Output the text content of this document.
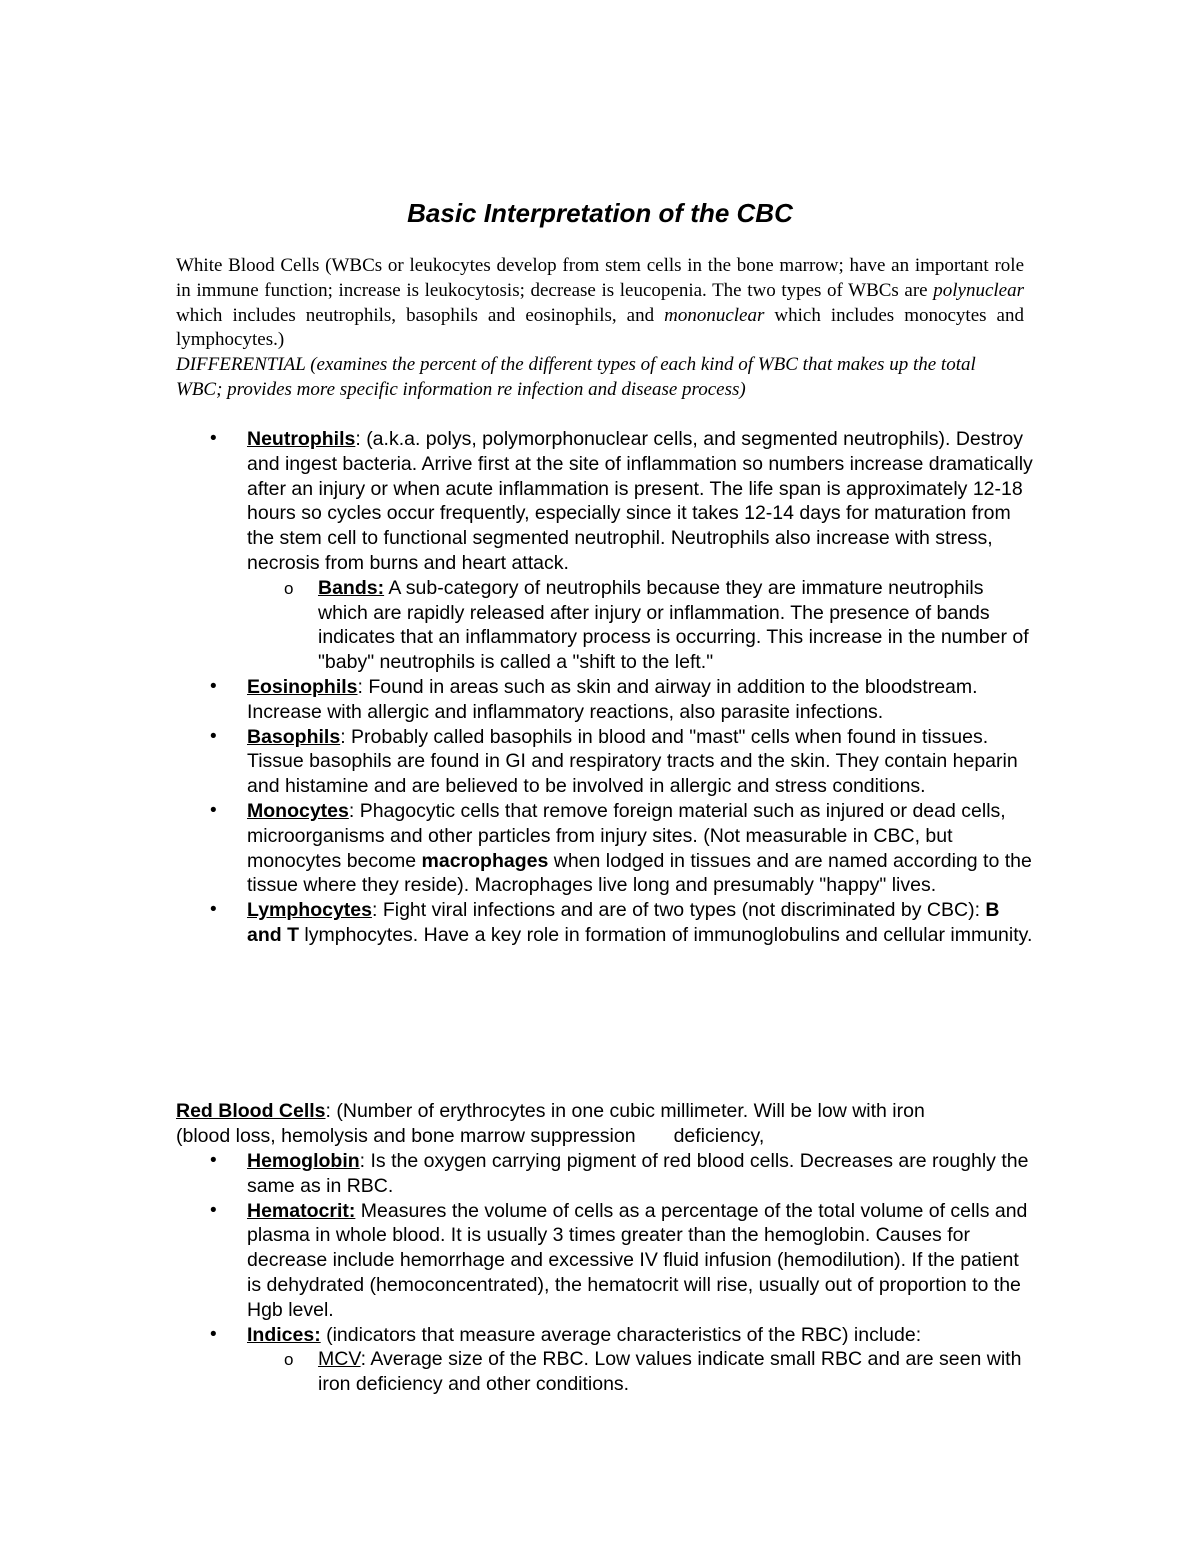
Basic Interpretation of the CBC
White Blood Cells (WBCs or leukocytes develop from stem cells in the bone marrow; have an important role in immune function; increase is leukocytosis; decrease is leucopenia. The two types of WBCs are polynuclear which includes neutrophils, basophils and eosinophils, and mononuclear which includes monocytes and lymphocytes.)
DIFFERENTIAL (examines the percent of the different types of each kind of WBC that makes up the total WBC; provides more specific information re infection and disease process)
• Neutrophils: (a.k.a. polys, polymorphonuclear cells, and segmented neutrophils). Destroy and ingest bacteria. Arrive first at the site of inflammation so numbers increase dramatically after an injury or when acute inflammation is present. The life span is approximately 12-18 hours so cycles occur frequently, especially since it takes 12-14 days for maturation from the stem cell to functional segmented neutrophil. Neutrophils also increase with stress, necrosis from burns and heart attack.
o Bands: A sub-category of neutrophils because they are immature neutrophils which are rapidly released after injury or inflammation. The presence of bands indicates that an inflammatory process is occurring. This increase in the number of "baby" neutrophils is called a "shift to the left."
• Eosinophils: Found in areas such as skin and airway in addition to the bloodstream. Increase with allergic and inflammatory reactions, also parasite infections.
• Basophils: Probably called basophils in blood and "mast" cells when found in tissues. Tissue basophils are found in GI and respiratory tracts and the skin. They contain heparin and histamine and are believed to be involved in allergic and stress conditions.
• Monocytes: Phagocytic cells that remove foreign material such as injured or dead cells, microorganisms and other particles from injury sites. (Not measurable in CBC, but monocytes become macrophages when lodged in tissues and are named according to the tissue where they reside). Macrophages live long and presumably "happy" lives.
• Lymphocytes: Fight viral infections and are of two types (not discriminated by CBC): B and T lymphocytes. Have a key role in formation of immunoglobulins and cellular immunity.
Red Blood Cells: (Number of erythrocytes in one cubic millimeter. Will be low with iron
(blood loss, hemolysis and bone marrow suppression deficiency,
• Hemoglobin: Is the oxygen carrying pigment of red blood cells. Decreases are roughly the same as in RBC.
• Hematocrit: Measures the volume of cells as a percentage of the total volume of cells and plasma in whole blood. It is usually 3 times greater than the hemoglobin. Causes for decrease include hemorrhage and excessive IV fluid infusion (hemodilution). If the patient is dehydrated (hemoconcentrated), the hematocrit will rise, usually out of proportion to the Hgb level.
• Indices: (indicators that measure average characteristics of the RBC) include:
o MCV: Average size of the RBC. Low values indicate small RBC and are seen with iron deficiency and other conditions.
